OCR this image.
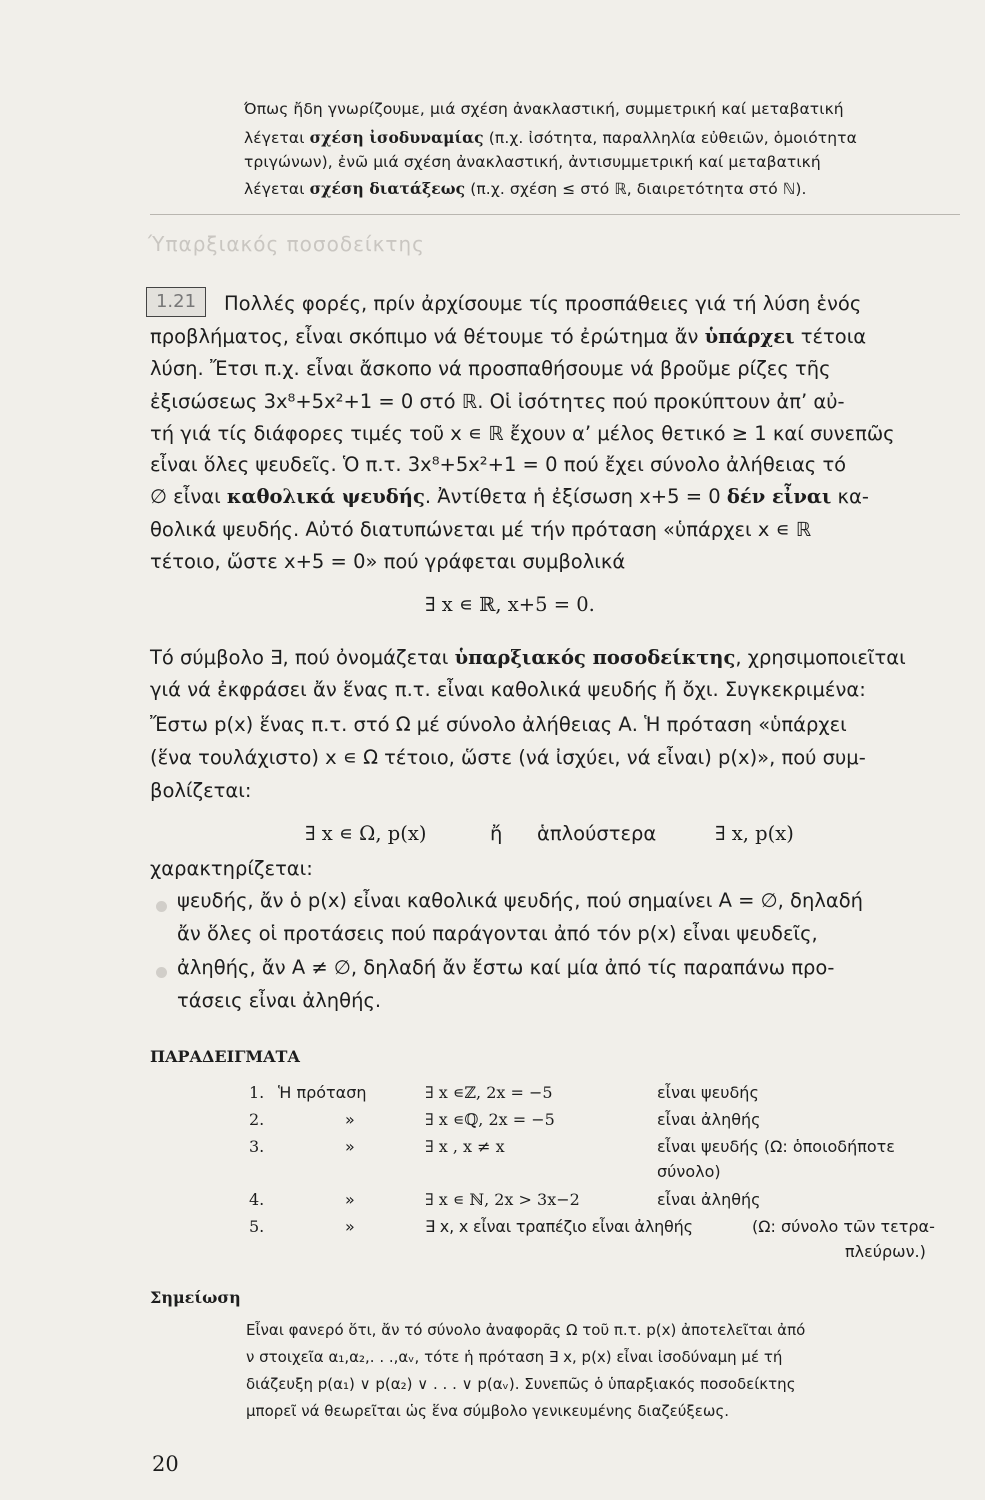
Όπως ἤδη γνωρίζουμε, μιά σχέση ἀνακλαστική, συμμετρική καί μεταβατική
λέγεται σχέση ἰσοδυναμίας (π.χ. ἰσότητα, παραλληλία εὐθειῶν, ὁμοιότητα
τριγώνων), ἐνῶ μιά σχέση ἀνακλαστική, ἀντισυμμετρική καί μεταβατική
λέγεται σχέση διατάξεως (π.χ. σχέση ≤ στό ℝ, διαιρετότητα στό ℕ).
Ύπαρξιακός ποσοδείκτης
1.21	Πολλές φορές, πρίν ἀρχίσουμε τίς προσπάθειες γιά τή λύση ἑνός
προβλήματος, εἶναι σκόπιμο νά θέτουμε τό ἐρώτημα ἄν ὑπάρχει τέτοια
λύση. Ἔτσι π.χ. εἶναι ἄσκοπο νά προσπαθήσουμε νά βροῦμε ρίζες τῆς
ἐξισώσεως 3x⁸+5x²+1 = 0 στό ℝ. Οἱ ἰσότητες πού προκύπτουν ἀπ’ αὐ-
τή γιά τίς διάφορες τιμές τοῦ x ∊ ℝ ἔχουν α’ μέλος θετικό ≥ 1 καί συνεπῶς
εἶναι ὅλες ψευδεῖς. Ὁ π.τ. 3x⁸+5x²+1 = 0 πού ἔχει σύνολο ἀλήθειας τό
∅ εἶναι καθολικά ψευδής. Ἀντίθετα ἡ ἐξίσωση x+5 = 0 δέν εἶναι κα-
θολικά ψευδής. Αὐτό διατυπώνεται μέ τήν πρόταση «ὑπάρχει x ∊ ℝ
τέτοιο, ὥστε x+5 = 0» πού γράφεται συμβολικά
∃ x ∊ ℝ, x+5 = 0.
Τό σύμβολο ∃, πού ὀνομάζεται ὑπαρξιακός ποσοδείκτης, χρησιμοποιεῖται
γιά νά ἐκφράσει ἄν ἕνας π.τ. εἶναι καθολικά ψευδής ἤ ὄχι. Συγκεκριμένα:
Ἔστω p(x) ἕνας π.τ. στό Ω μέ σύνολο ἀλήθειας Α. Ἡ πρόταση «ὑπάρχει
(ἕνα τουλάχιστο) x ∊ Ω τέτοιο, ὥστε (νά ἰσχύει, νά εἶναι) p(x)», πού συμ-
βολίζεται:
∃ x ∊ Ω, p(x)	ἤ ἁπλούστερα	∃ x, p(x)
χαρακτηρίζεται:
ψευδής, ἄν ὁ p(x) εἶναι καθολικά ψευδής, πού σημαίνει Α = ∅, δηλαδή
ἄν ὅλες οἱ προτάσεις πού παράγονται ἀπό τόν p(x) εἶναι ψευδεῖς,
ἀληθής, ἄν Α ≠ ∅, δηλαδή ἄν ἔστω καί μία ἀπό τίς παραπάνω προ-
τάσεις εἶναι ἀληθής.
ΠΑΡΑΔΕΙΓΜΑΤΑ
1. Ἡ πρόταση	∃ x ∊ℤ, 2x = −5	εἶναι ψευδής
2.	»	∃ x ∊ℚ, 2x = −5	εἶναι ἀληθής
3.	»	∃ x , x ≠ x	εἶναι ψευδής (Ω: ὁποιοδήποτε
σύνολο)
4.	»	∃ x ∊ ℕ, 2x > 3x−2	εἶναι ἀληθής
5.	»	∃ x, x εἶναι τραπέζιο εἶναι ἀληθής	(Ω: σύνολο τῶν τετρα-
πλεύρων.)
Σημείωση
Εἶναι φανερό ὅτι, ἄν τό σύνολο ἀναφορᾶς Ω τοῦ π.τ. p(x) ἀποτελεῖται ἀπό
ν στοιχεῖα α₁,α₂,. . .,αᵥ, τότε ἡ πρόταση ∃ x, p(x) εἶναι ἰσοδύναμη μέ τή
διάζευξη p(α₁) ∨ p(α₂) ∨ . . . ∨ p(αᵥ). Συνεπῶς ὁ ὑπαρξιακός ποσοδείκτης
μπορεῖ νά θεωρεῖται ὡς ἕνα σύμβολο γενικευμένης διαζεύξεως.
20
